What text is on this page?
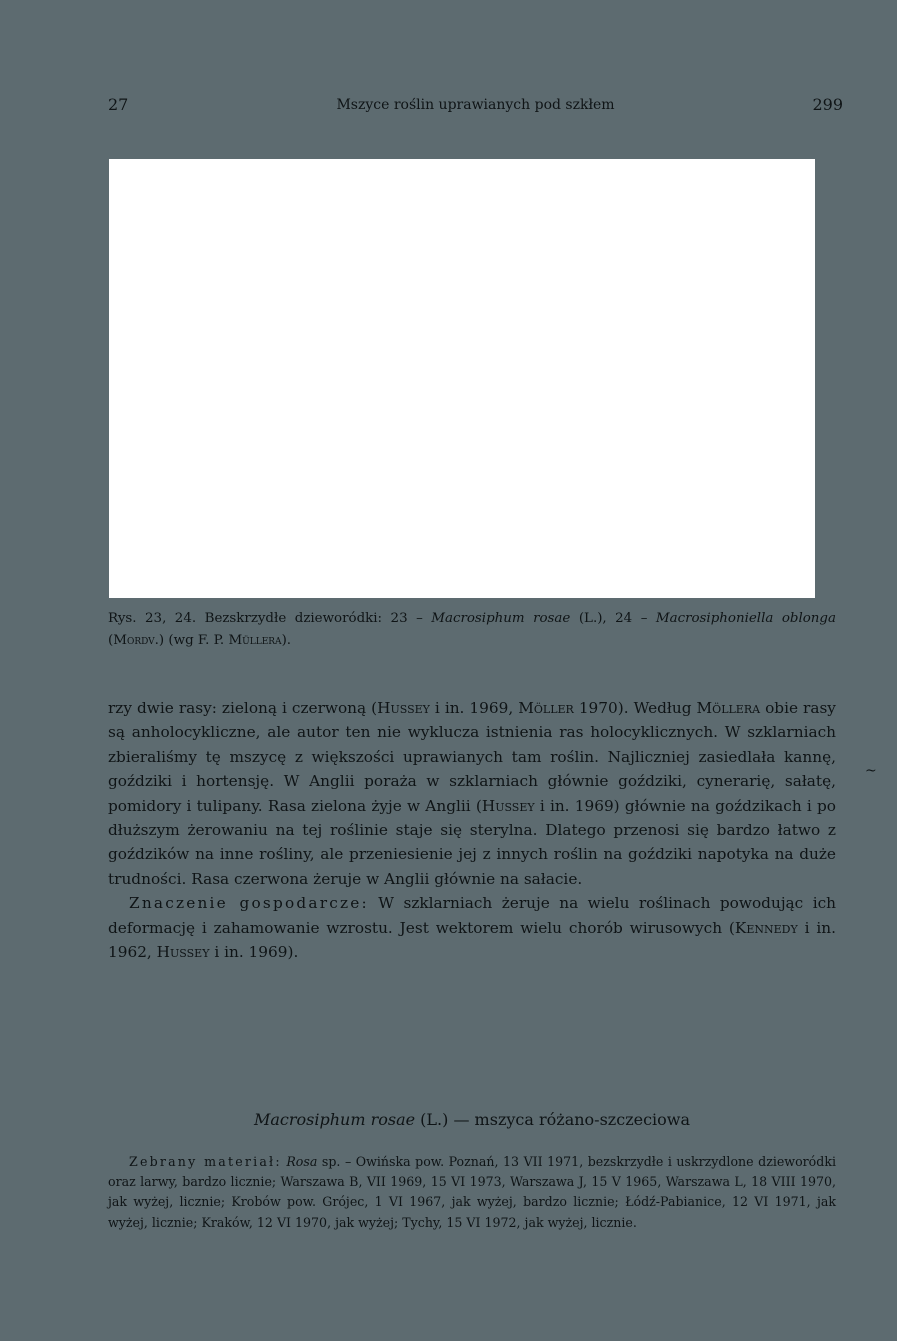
27	Mszyce roślin uprawianych pod szkłem	299
Rys. 23, 24. Bezskrzydłe dzieworódki: 23 – Macrosiphum rosae (L.), 24 – Macrosiphoniella oblonga (Mordv.) (wg F. P. Müllera).

rzy dwie rasy: zieloną i czerwoną (Hussey i in. 1969, Möller 1970). Według Möllera obie rasy są anholocykliczne, ale autor ten nie wyklucza istnienia ras holocyklicznych. W szklarniach zbieraliśmy tę mszycę z większości uprawianych tam roślin. Najliczniej zasiedlała kannę, goździki i hortensję. W Anglii poraża w szklarniach głównie goździki, cynerarię, sałatę, pomidory i tulipany. Rasa zielona żyje w Anglii (Hussey i in. 1969) głównie na goździkach i po dłuższym żerowaniu na tej roślinie staje się sterylna. Dlatego przenosi się bardzo łatwo z goździków na inne rośliny, ale przeniesienie jej z innych roślin na goździki napotyka na duże trudności. Rasa czerwona żeruje w Anglii głównie na sałacie.

Znaczenie gospodarcze: W szklarniach żeruje na wielu roślinach powodując ich deformację i zahamowanie wzrostu. Jest wektorem wielu chorób wirusowych (Kennedy i in. 1962, Hussey i in. 1969).

~
Macrosiphum rosae (L.) — mszyca różano-szczeciowa
Zebrany materiał: Rosa sp. – Owińska pow. Poznań, 13 VII 1971, bezskrzydłe i uskrzydlone dzieworódki oraz larwy, bardzo licznie; Warszawa B, VII 1969, 15 VI 1973, Warszawa J, 15 V 1965, Warszawa L, 18 VIII 1970, jak wyżej, licznie; Krobów pow. Grójec, 1 VI 1967, jak wyżej, bardzo licznie; Łódź-Pabianice, 12 VI 1971, jak wyżej, licznie; Kraków, 12 VI 1970, jak wyżej; Tychy, 15 VI 1972, jak wyżej, licznie.
